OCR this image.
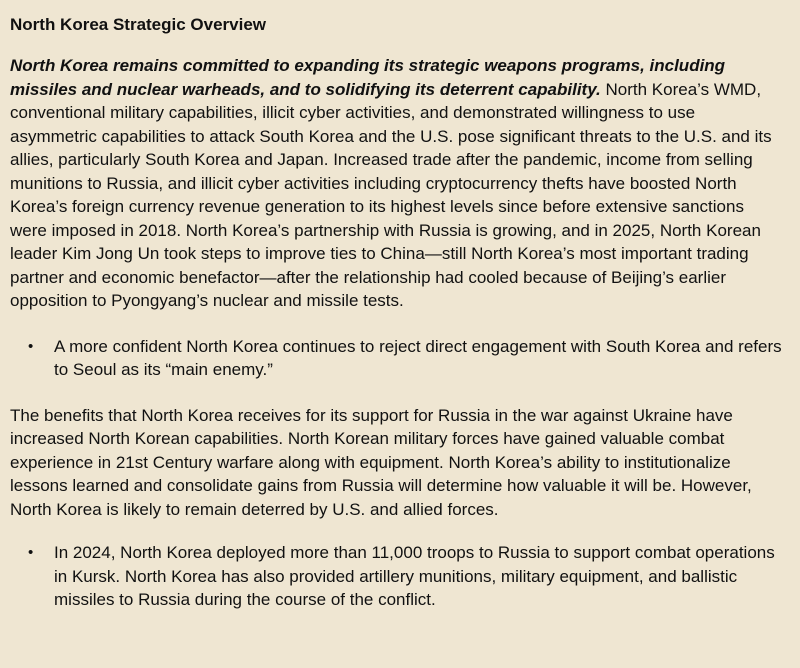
North Korea Strategic Overview

North Korea remains committed to expanding its strategic weapons programs, including missiles and nuclear warheads, and to solidifying its deterrent capability. North Korea’s WMD, conventional military capabilities, illicit cyber activities, and demonstrated willingness to use asymmetric capabilities to attack South Korea and the U.S. pose significant threats to the U.S. and its allies, particularly South Korea and Japan. Increased trade after the pandemic, income from selling munitions to Russia, and illicit cyber activities including cryptocurrency thefts have boosted North Korea’s foreign currency revenue generation to its highest levels since before extensive sanctions were imposed in 2018. North Korea’s partnership with Russia is growing, and in 2025, North Korean leader Kim Jong Un took steps to improve ties to China—still North Korea’s most important trading partner and economic benefactor—after the relationship had cooled because of Beijing’s earlier opposition to Pyongyang’s nuclear and missile tests.

•	A more confident North Korea continues to reject direct engagement with South Korea and refers to Seoul as its “main enemy.”

The benefits that North Korea receives for its support for Russia in the war against Ukraine have increased North Korean capabilities. North Korean military forces have gained valuable combat experience in 21st Century warfare along with equipment. North Korea’s ability to institutionalize lessons learned and consolidate gains from Russia will determine how valuable it will be. However, North Korea is likely to remain deterred by U.S. and allied forces.

•	In 2024, North Korea deployed more than 11,000 troops to Russia to support combat operations in Kursk. North Korea has also provided artillery munitions, military equipment, and ballistic missiles to Russia during the course of the conflict.
